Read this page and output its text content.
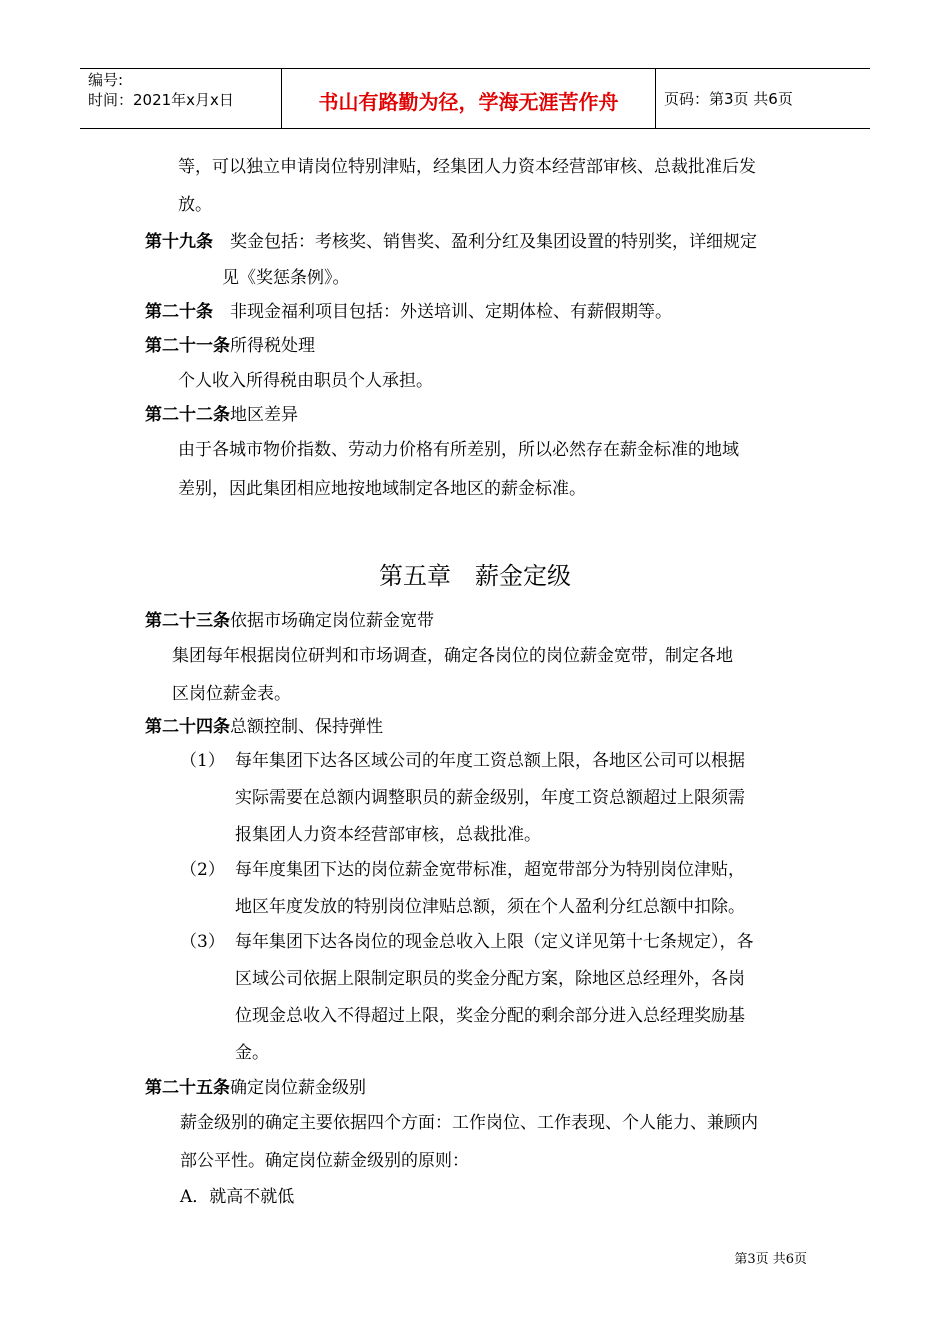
编号:
时间：2021年x月x日	书山有路勤为径，学海无涯苦作舟	页码：第3页 共6页
等，可以独立申请岗位特别津贴，经集团人力资本经营部审核、总裁批准后发
放。
第十九条  奖金包括：考核奖、销售奖、盈利分红及集团设置的特别奖，详细规定
见《奖惩条例》。
第二十条  非现金福利项目包括：外送培训、定期体检、有薪假期等。
第二十一条所得税处理
个人收入所得税由职员个人承担。
第二十二条地区差异
由于各城市物价指数、劳动力价格有所差别，所以必然存在薪金标准的地域
差别，因此集团相应地按地域制定各地区的薪金标准。
第五章　薪金定级
第二十三条依据市场确定岗位薪金宽带
集团每年根据岗位研判和市场调查，确定各岗位的岗位薪金宽带，制定各地
区岗位薪金表。
第二十四条总额控制、保持弹性
（1） 每年集团下达各区域公司的年度工资总额上限，各地区公司可以根据
实际需要在总额内调整职员的薪金级别，年度工资总额超过上限须需
报集团人力资本经营部审核，总裁批准。
（2） 每年度集团下达的岗位薪金宽带标准，超宽带部分为特别岗位津贴，
地区年度发放的特别岗位津贴总额，须在个人盈利分红总额中扣除。
（3） 每年集团下达各岗位的现金总收入上限（定义详见第十七条规定），各
区域公司依据上限制定职员的奖金分配方案，除地区总经理外，各岗
位现金总收入不得超过上限，奖金分配的剩余部分进入总经理奖励基
金。
第二十五条确定岗位薪金级别
薪金级别的确定主要依据四个方面：工作岗位、工作表现、个人能力、兼顾内
部公平性。确定岗位薪金级别的原则：
A．就高不就低
第3页 共6页
